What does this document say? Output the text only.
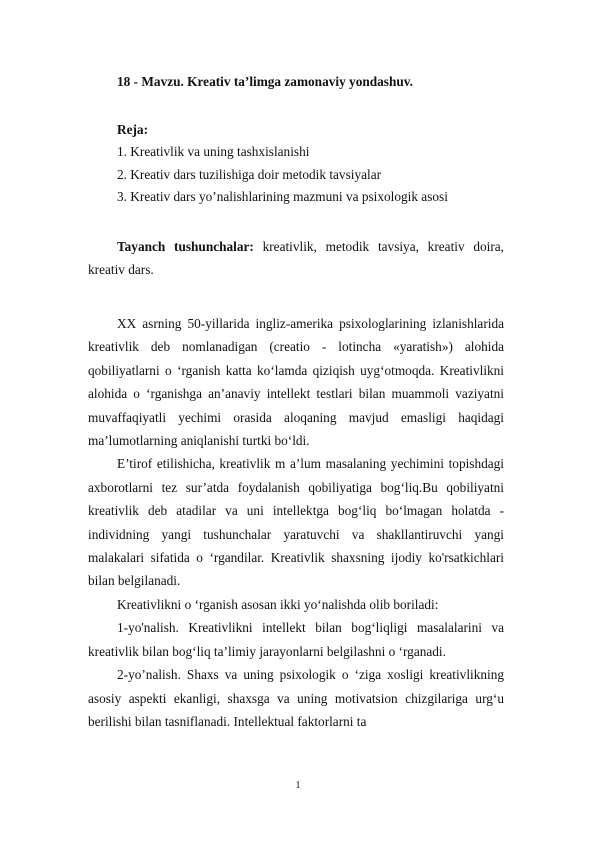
18 - Mavzu. Kreativ ta’limga zamonaviy yondashuv.
Reja:
1. Kreativlik va uning tashxislanishi
2. Kreativ dars tuzilishiga doir metodik tavsiyalar
3. Kreativ dars yo’nalishlarining mazmuni va psixologik asosi

Tayanch tushunchalar: kreativlik, metodik tavsiya, kreativ doira, kreativ dars.

XX asrning 50-yillarida ingliz-amerika psixologlarining izlanishlarida kreativlik deb nomlanadigan (creatio - lotincha «yaratish») alohida qobiliyatlarni o ‘rganish katta ko‘lamda qiziqish uyg‘otmoqda. Kreativlikni alohida o ‘rganishga an’anaviy intellekt testlari bilan muammoli vaziyatni muvaffaqiyatli yechimi orasida aloqaning mavjud emasligi haqidagi ma’lumotlarning aniqlanishi turtki bo‘ldi.

E’tirof etilishicha, kreativlik m a’lum masalaning yechimini topishdagi axborotlarni tez sur’atda foydalanish qobiliyatiga bog‘liq.Bu qobiliyatni kreativlik deb atadilar va uni intellektga bog‘liq bo‘lmagan holatda - individning yangi tushunchalar yaratuvchi va shakllantiruvchi yangi malakalari sifatida o ‘rgandilar. Kreativlik shaxsning ijodiy ko'rsatkichlari bilan belgilanadi.

Kreativlikni o ‘rganish asosan ikki yo‘nalishda olib boriladi:

1-yo'nalish. Kreativlikni intellekt bilan bog‘liqligi masalalarini va kreativlik bilan bog‘liq ta’limiy jarayonlarni belgilashni o ‘rganadi.

2-yo’nalish. Shaxs va uning psixologik o ‘ziga xosligi kreativlikning asosiy aspekti ekanligi, shaxsga va uning motivatsion chizgilariga urg‘u berilishi bilan tasniflanadi. Intellektual faktorlarni ta

1
